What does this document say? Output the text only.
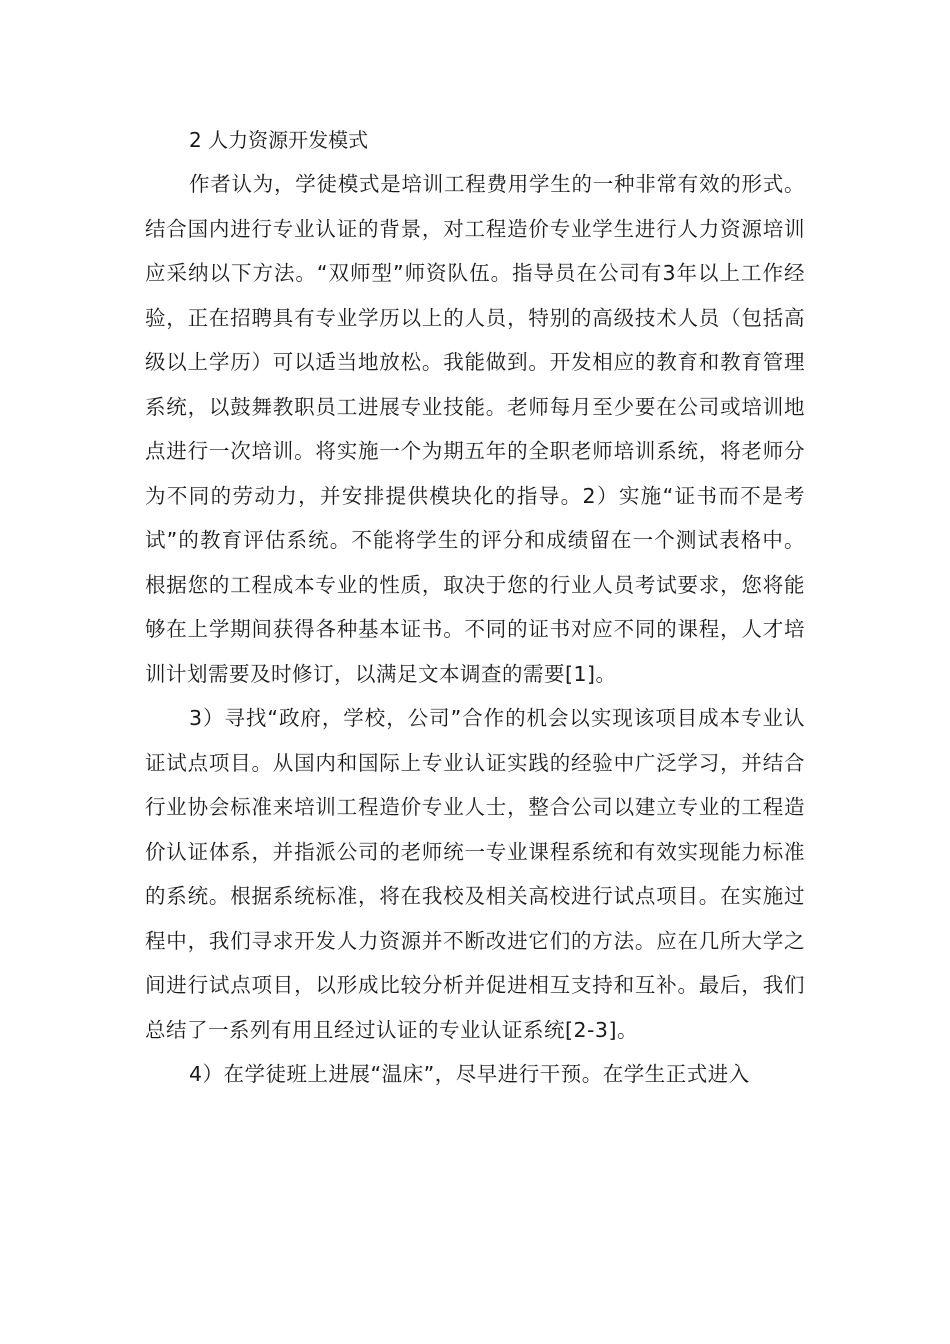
2 人力资源开发模式

作者认为，学徒模式是培训工程费用学生的一种非常有效的形式。结合国内进行专业认证的背景，对工程造价专业学生进行人力资源培训应采纳以下方法。“双师型”师资队伍。指导员在公司有3年以上工作经验，正在招聘具有专业学历以上的人员，特别的高级技术人员（包括高级以上学历）可以适当地放松。我能做到。开发相应的教育和教育管理系统，以鼓舞教职员工进展专业技能。老师每月至少要在公司或培训地点进行一次培训。将实施一个为期五年的全职老师培训系统，将老师分为不同的劳动力，并安排提供模块化的指导。2）实施“证书而不是考试”的教育评估系统。不能将学生的评分和成绩留在一个测试表格中。根据您的工程成本专业的性质，取决于您的行业人员考试要求，您将能够在上学期间获得各种基本证书。不同的证书对应不同的课程，人才培训计划需要及时修订，以满足文本调查的需要[1]。

3）寻找“政府，学校，公司”合作的机会以实现该项目成本专业认证试点项目。从国内和国际上专业认证实践的经验中广泛学习，并结合行业协会标准来培训工程造价专业人士，整合公司以建立专业的工程造价认证体系，并指派公司的老师统一专业课程系统和有效实现能力标准的系统。根据系统标准，将在我校及相关高校进行试点项目。在实施过程中，我们寻求开发人力资源并不断改进它们的方法。应在几所大学之间进行试点项目，以形成比较分析并促进相互支持和互补。最后，我们总结了一系列有用且经过认证的专业认证系统[2-3]。

4）在学徒班上进展“温床”，尽早进行干预。在学生正式进入
